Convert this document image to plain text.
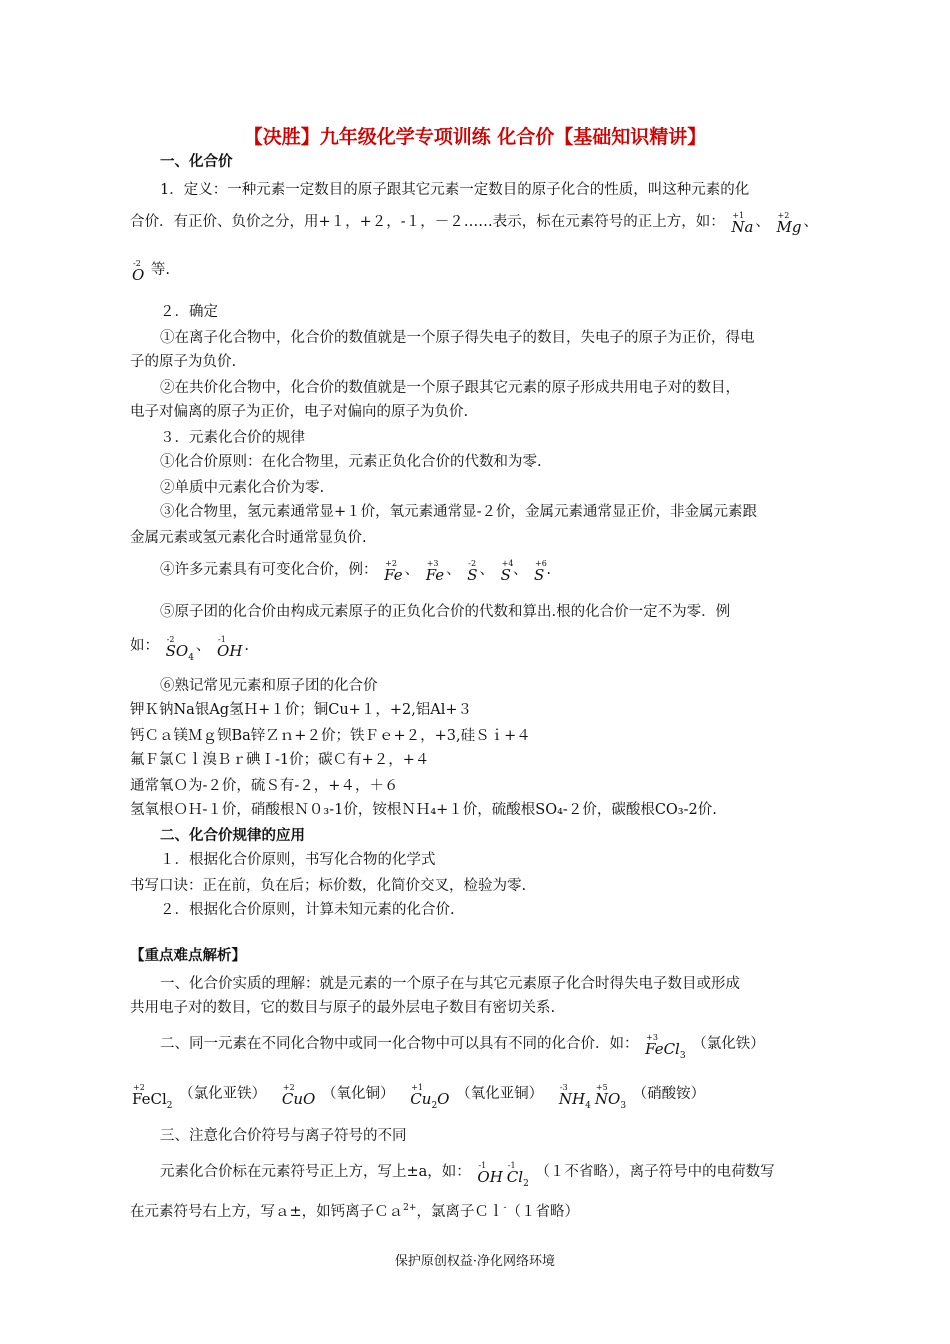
【决胜】九年级化学专项训练 化合价【基础知识精讲】
一、化合价
1．定义：一种元素一定数目的原子跟其它元素一定数目的原子化合的性质，叫这种元素的化
合价．有正价、负价之分，用+１，+２，-１，－２……表示，标在元素符号的正上方，如： +1
Na 、 +2
Mg 、
-2
O 等.
２．确定
①在离子化合物中，化合价的数值就是一个原子得失电子的数目，失电子的原子为正价，得电
子的原子为负价.
②在共价化合物中，化合价的数值就是一个原子跟其它元素的原子形成共用电子对的数目，
电子对偏离的原子为正价，电子对偏向的原子为负价.
３．元素化合价的规律
①化合价原则：在化合物里，元素正负化合价的代数和为零.
②单质中元素化合价为零.
③化合物里，氢元素通常显+１价，氧元素通常显-２价，金属元素通常显正价，非金属元素跟
金属元素或氢元素化合时通常显负价.
④许多元素具有可变化合价，例： +2
Fe 、 +3
Fe 、 -2
S 、 +4
S 、 +6
S .
⑤原子团的化合价由构成元素原子的正负化合价的代数和算出.根的化合价一定不为零．例
如： -2
$SO_4$、 -1
OH .
⑥熟记常见元素和原子团的化合价
钾Ｋ钠Na银Ag氢Ｈ+１价；铜Cu+１，+2,铝Al+３
钙Ｃａ镁Ｍｇ钡Ba锌Ｚｎ+２价；铁Ｆｅ+２，+3,硅Ｓｉ+４
氟Ｆ氯Ｃｌ溴Ｂｒ碘Ｉ-1价；碳Ｃ有+２，+４
通常氧Ｏ为-２价，硫Ｓ有-２，+４，＋６
氢氧根ＯＨ-１价，硝酸根Ｎ０₃-1价，铵根ＮＨ₄+１价，硫酸根SO₄-２价，碳酸根CO₃-2价.
二、化合价规律的应用
１．根据化合价原则，书写化合物的化学式
书写口诀：正在前，负在后；标价数，化简价交叉，检验为零.
２．根据化合价原则，计算未知元素的化合价.
【重点难点解析】
一、化合价实质的理解：就是元素的一个原子在与其它元素原子化合时得失电子数目或形成
共用电子对的数目，它的数目与原子的最外层电子数目有密切关系.
二、同一元素在不同化合物中或同一化合物中可以具有不同的化合价．如： +3
FeCl$_3$ （氯化铁）
+2
FeCl$_2$ （氯化亚铁） +2
CuO （氧化铜） +1
$Cu_2O$ （氧化亚铜） -3
$NH_4$
+5
$NO_3$ （硝酸铵）
三、注意化合价符号与离子符号的不同
元素化合价标在元素符号正上方，写上±a，如： -1
OH
-1
$Cl_2$ （１不省略），离子符号中的电荷数写
在元素符号右上方，写ａ±，如钙离子Ｃａ$^{2+}$，氯离子Ｃｌ-（１省略）
保护原创权益·净化网络环境
